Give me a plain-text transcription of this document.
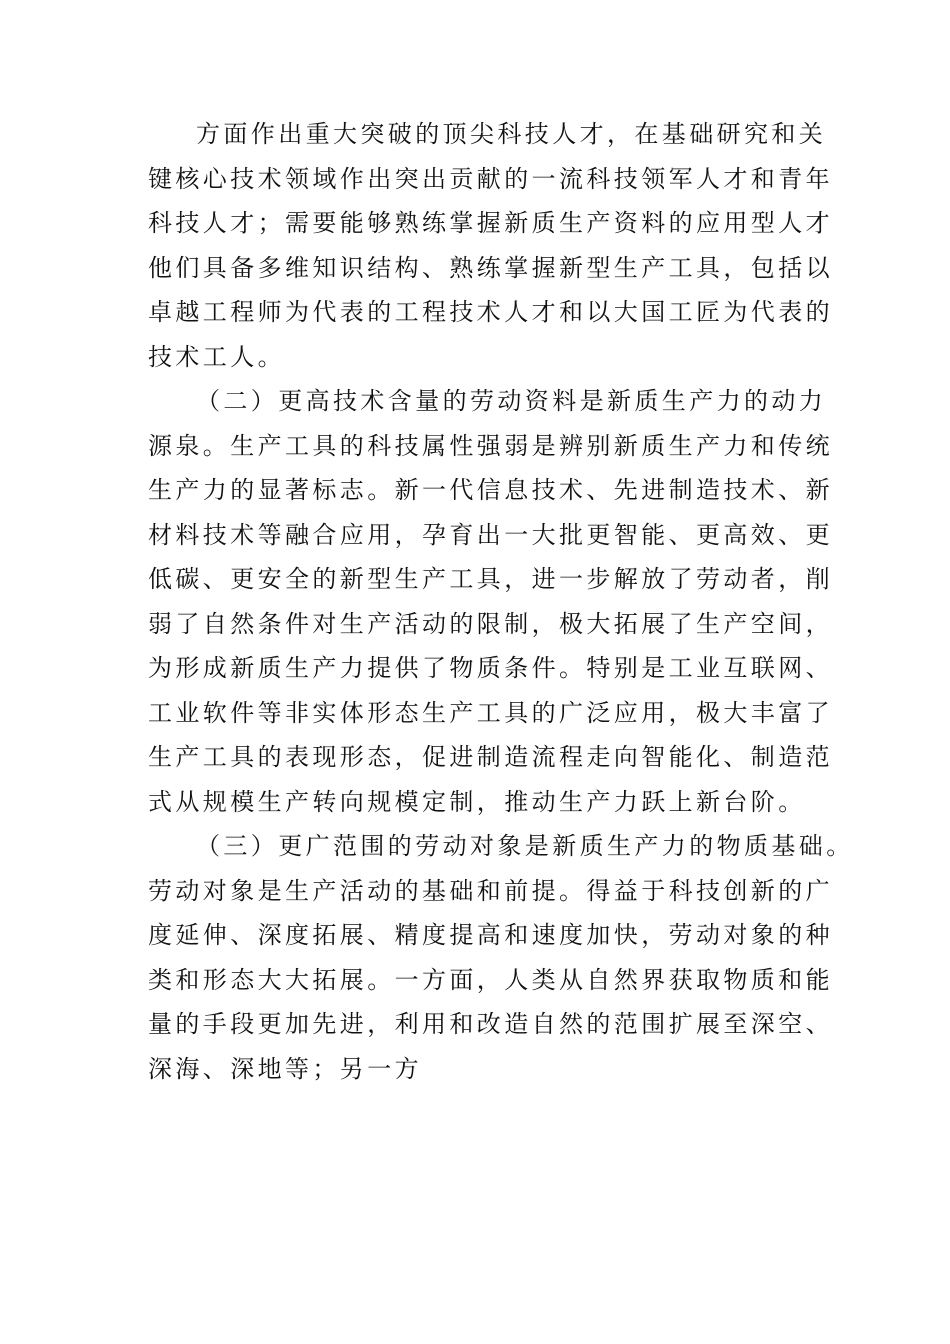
方面作出重大突破的顶尖科技人才，在基础研究和关
键核心技术领域作出突出贡献的一流科技领军人才和青年
科技人才；需要能够熟练掌握新质生产资料的应用型人才
他们具备多维知识结构、熟练掌握新型生产工具，包括以
卓越工程师为代表的工程技术人才和以大国工匠为代表的
技术工人。
（二）更高技术含量的劳动资料是新质生产力的动力
源泉。生产工具的科技属性强弱是辨别新质生产力和传统
生产力的显著标志。新一代信息技术、先进制造技术、新
材料技术等融合应用，孕育出一大批更智能、更高效、更
低碳、更安全的新型生产工具，进一步解放了劳动者，削
弱了自然条件对生产活动的限制，极大拓展了生产空间，
为形成新质生产力提供了物质条件。特别是工业互联网、
工业软件等非实体形态生产工具的广泛应用，极大丰富了
生产工具的表现形态，促进制造流程走向智能化、制造范
式从规模生产转向规模定制，推动生产力跃上新台阶。
（三）更广范围的劳动对象是新质生产力的物质基础。
劳动对象是生产活动的基础和前提。得益于科技创新的广
度延伸、深度拓展、精度提高和速度加快，劳动对象的种
类和形态大大拓展。一方面，人类从自然界获取物质和能
量的手段更加先进，利用和改造自然的范围扩展至深空、
深海、深地等；另一方
